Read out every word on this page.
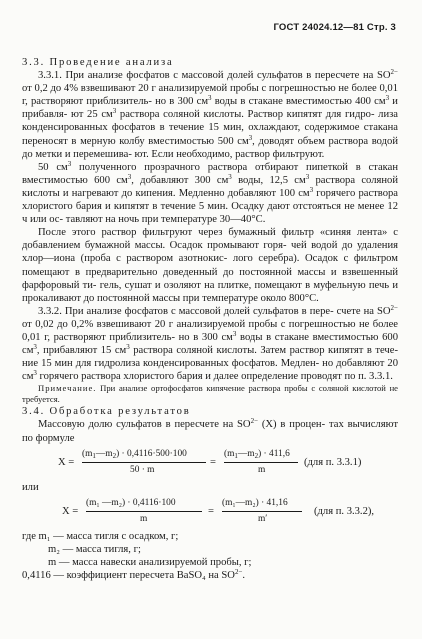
ГОСТ 24024.12—81 Стр. 3

3.3. Проведение анализа

3.3.1. При анализе фосфатов с массовой долей сульфатов в пересчете на $SO^{2-}$ от 0,2 до 4% взвешивают 20 г анализируемой пробы с погрешностью не более 0,01 г, растворяют приблизитель- но в 300 $см^3$ воды в стакане вместимостью 400 $см^3$ и прибавля- ют 25 $см^3$ раствора соляной кислоты. Раствор кипятят для гидро- лиза конденсированных фосфатов в течение 15 мин, охлаждают, содержимое стакана переносят в мерную колбу вместимостью 500 $см^3$, доводят объем раствора водой до метки и перемешива- ют. Если необходимо, раствор фильтруют.

50 $см^3$ полученного прозрачного раствора отбирают пипеткой в стакан вместимостью 600 $см^3$, добавляют 300 $см^3$ воды, 12,5 $см^3$ раствора соляной кислоты и нагревают до кипения. Медленно добавляют 100 $см^3$ горячего раствора хлористого бария и кипятят в течение 5 мин. Осадку дают отстояться не менее 12 ч или ос- тавляют на ночь при температуре 30—40°С.

После этого раствор фильтруют через бумажный фильтр «синяя лента» с добавлением бумажной массы. Осадок промывают горя- чей водой до удаления хлор—иона (проба с раствором азотнокис- лого серебра). Осадок с фильтром помещают в предварительно доведенный до постоянной массы и взвешенный фарфоровый ти- гель, сушат и озоляют на плитке, помещают в муфельную печь и прокаливают до постоянной массы при температуре около 800°С.

3.3.2. При анализе фосфатов с массовой долей сульфатов в пере- счете на $SO^{2-}$ от 0,02 до 0,2% взвешивают 20 г анализируемой пробы с погрешностью не более 0,01 г, растворяют приблизитель- но в 300 $см^3$ воды в стакане вместимостью 600 $см^3$, прибавляют 15 $см^3$ раствора соляной кислоты. Затем раствор кипятят в тече- ние 15 мин для гидролиза конденсированных фосфатов. Медлен- но добавляют 20 $см^3$ горячего раствора хлористого бария и далее определение проводят по п. 3.3.1.

Примечание. При анализе ортофосфатов кипячение раствора пробы с соляной кислотой не требуется.

3.4. Обработка результатов

Массовую долю сульфатов в пересчете на $SO^{2-}$ (X) в процен- тах вычисляют по формуле

X =
$(m_1—m_2) \cdot 0,4116\cdot 500\cdot 100$
50 · m
=
$(m_1—m_2) \cdot 411,6$
m
(для п. 3.3.1)

или

X =
(m₁ —m₂) · 0,4116·100
m
=
(m₁—m₂) · 41,16
m′
(для п. 3.3.2),
где m₁ — масса тигля с осадком, г;
m₂ — масса тигля, г;
m — масса навески анализируемой пробы, г;
0,4116 — коэффициент пересчета BaSO₄ на $SO^{2-}$.
